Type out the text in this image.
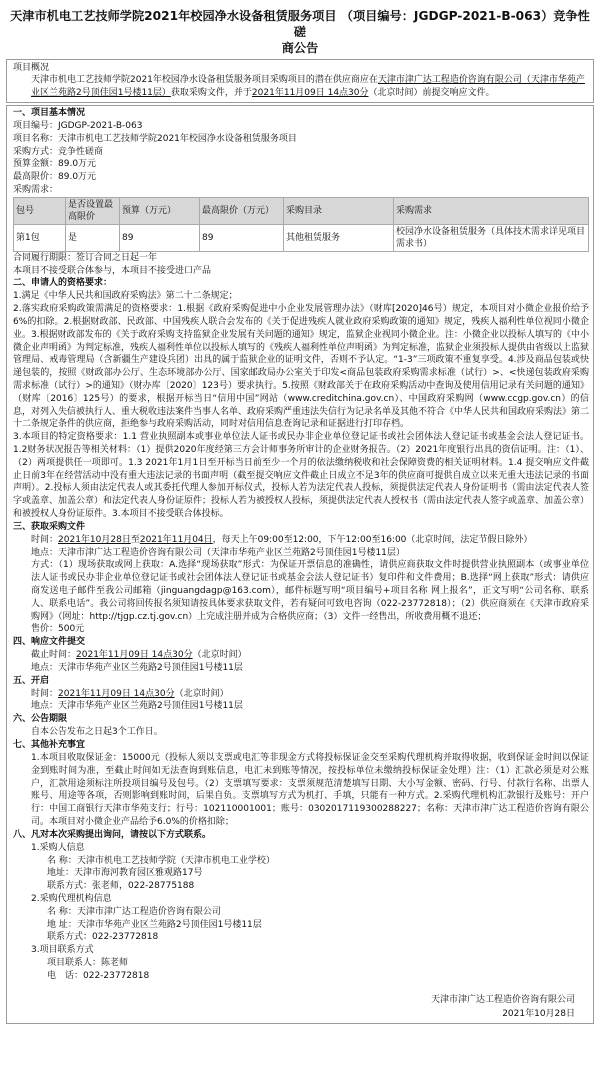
天津市机电工艺技师学院2021年校园净水设备租赁服务项目 （项目编号：JGDGP-2021-B-063）竞争性磋
商公告
项目概况
天津市机电工艺技师学院2021年校园净水设备租赁服务项目采购项目的潜在供应商应在天津市津广达工程造价咨询有限公司（天津市华苑产业区兰苑路2号顶佳园1号楼11层）获取采购文件，并于2021年11月09日 14点30分（北京时间）前提交响应文件。
一、项目基本情况
项目编号：JGDGP-2021-B-063
项目名称：天津市机电工艺技师学院2021年校园净水设备租赁服务项目
采购方式：竞争性磋商
预算金额：89.0万元
最高限价：89.0万元
采购需求：
包号	是否设置最高限价	预算（万元）	最高限价（万元）	采购目录	采购需求
第1包	是	89	89	其他租赁服务	校园净水设备租赁服务（具体技术需求详见项目需求书）
合同履行期限：签订合同之日起一年
本项目不接受联合体参与，本项目不接受进口产品
二、申请人的资格要求：
1.满足《中华人民共和国政府采购法》第二十二条规定；
2.落实政府采购政策需满足的资格要求：1.根据《政府采购促进中小企业发展管理办法》（财库[2020]46号）规定，本项目对小微企业报价给予6%的扣除。2.根据财政部、民政部、中国残疾人联合会发布的《关于促进残疾人就业政府采购政策的通知》规定，残疾人福利性单位视同小微企业。3.根据财政部发布的《关于政府采购支持监狱企业发展有关问题的通知》规定，监狱企业视同小微企业。注：小微企业以投标人填写的《中小微企业声明函》为判定标准，残疾人福利性单位以投标人填写的《残疾人福利性单位声明函》为判定标准，监狱企业须投标人提供由省级以上监狱管理局、戒毒管理局（含新疆生产建设兵团）出具的属于监狱企业的证明文件，否则不予认定。“1-3”三项政策不重复享受。4.涉及商品包装或快递包装的，按照《财政部办公厅、生态环境部办公厅、国家邮政局办公室关于印发<商品包装政府采购需求标准（试行）>、<快递包装政府采购需求标准（试行）>的通知》（财办库〔2020〕123号）要求执行。5.按照《财政部关于在政府采购活动中查询及使用信用记录有关问题的通知》（财库〔2016〕125号）的要求，根据开标当日“信用中国”网站（www.creditchina.gov.cn）、中国政府采购网（www.ccgp.gov.cn）的信息，对列入失信被执行人、重大税收违法案件当事人名单、政府采购严重违法失信行为记录名单及其他不符合《中华人民共和国政府采购法》第二十二条规定条件的供应商，拒绝参与政府采购活动，同时对信用信息查询记录和证据进行打印存档。
3.本项目的特定资格要求：1.1 营业执照副本或事业单位法人证书或民办非企业单位登记证书或社会团体法人登记证书或基金会法人登记证书。1.2财务状况报告等相关材料：（1）提供2020年度经第三方会计师事务所审计的企业财务报告。（2）2021年度银行出具的资信证明。注：（1）、（2）两项提供任一项即可。1.3 2021年1月1日至开标当日前至少一个月的依法缴纳税收和社会保障资费的相关证明材料。1.4 提交响应文件截止日前3年在经营活动中没有重大违法记录的书面声明（截至提交响应文件截止日成立不足3年的供应商可提供自成立以来无重大违法记录的书面声明）。2.投标人须由法定代表人或其委托代理人参加开标仪式，投标人若为法定代表人投标，须提供法定代表人身份证明书（需由法定代表人签字或盖章、加盖公章）和法定代表人身份证原件；投标人若为被授权人投标，须提供法定代表人授权书（需由法定代表人签字或盖章、加盖公章）和被授权人身份证原件。3.本项目不接受联合体投标。
三、获取采购文件
时间：2021年10月28日至2021年11月04日，每天上午09:00至12:00，下午12:00至16:00（北京时间，法定节假日除外）
地点：天津市津广达工程造价咨询有限公司（天津市华苑产业区兰苑路2号顶佳园1号楼11层）
方式：（1）现场获取或网上获取：A.选择“现场获取”形式：为保证开票信息的准确性，请供应商获取文件时提供营业执照副本（或事业单位法人证书或民办非企业单位登记证书或社会团体法人登记证书或基金会法人登记证书）复印件和文件费用；B.选择“网上获取”形式：请供应商发送电子邮件至我公司邮箱（jinguangdagp@163.com），邮件标题写明“项目编号+项目名称 网上报名”，正文写明“公司名称、联系人、联系电话”。我公司将回传报名须知请按具体要求获取文件，若有疑问可致电咨询（022-23772818）；（2）供应商须在《天津市政府采购网》（网址：http://tjgp.cz.tj.gov.cn）上完成注册并成为合格供应商；（3）文件一经售出，所收费用概不退还；
售价：500元
四、响应文件提交
截止时间：2021年11月09日 14点30分（北京时间）
地点：天津市华苑产业区兰苑路2号顶佳园1号楼11层
五、开启
时间：2021年11月09日 14点30分（北京时间）
地点：天津市华苑产业区兰苑路2号顶佳园1号楼11层
六、公告期限
自本公告发布之日起3个工作日。
七、其他补充事宜
1.本项目收取保证金：15000元（投标人须以支票或电汇等非现金方式将投标保证金交至采购代理机构并取得收据，收到保证金时间以保证金到账时间为准，至截止时间如无法查询到账信息，电汇未到账等情况，按投标单位未缴纳投标保证金处理）注：（1）汇款必须是对公账户，汇款用途须标注所投项目编号及包号。（2）支票填写要求：支票须规范清楚填写日期、大小写金额、密码、行号、付款行名称、出票人账号、用途等各项，否则影响到账时间，后果自负。支票填写方式为机打、手填，只能有一种方式。2.采购代理机构汇款银行及账号：开户行：中国工商银行天津市华苑支行；行号：102110001001；账号：0302017119300288227；名称：天津市津广达工程造价咨询有限公司。本项目对小微企业产品给予6.0%的价格扣除；
八、凡对本次采购提出询问，请按以下方式联系。
1.采购人信息
名 称：天津市机电工艺技师学院（天津市机电工业学校）
地址：天津市海河教育园区雅观路17号
联系方式：张老师，022-28775188
2.采购代理机构信息
名 称：天津市津广达工程造价咨询有限公司
地 址：天津市华苑产业区兰苑路2号顶佳园1号楼11层
联系方式：022-23772818
3.项目联系方式
项目联系人：陈老师
电　话：022-23772818
天津市津广达工程造价咨询有限公司
2021年10月28日
